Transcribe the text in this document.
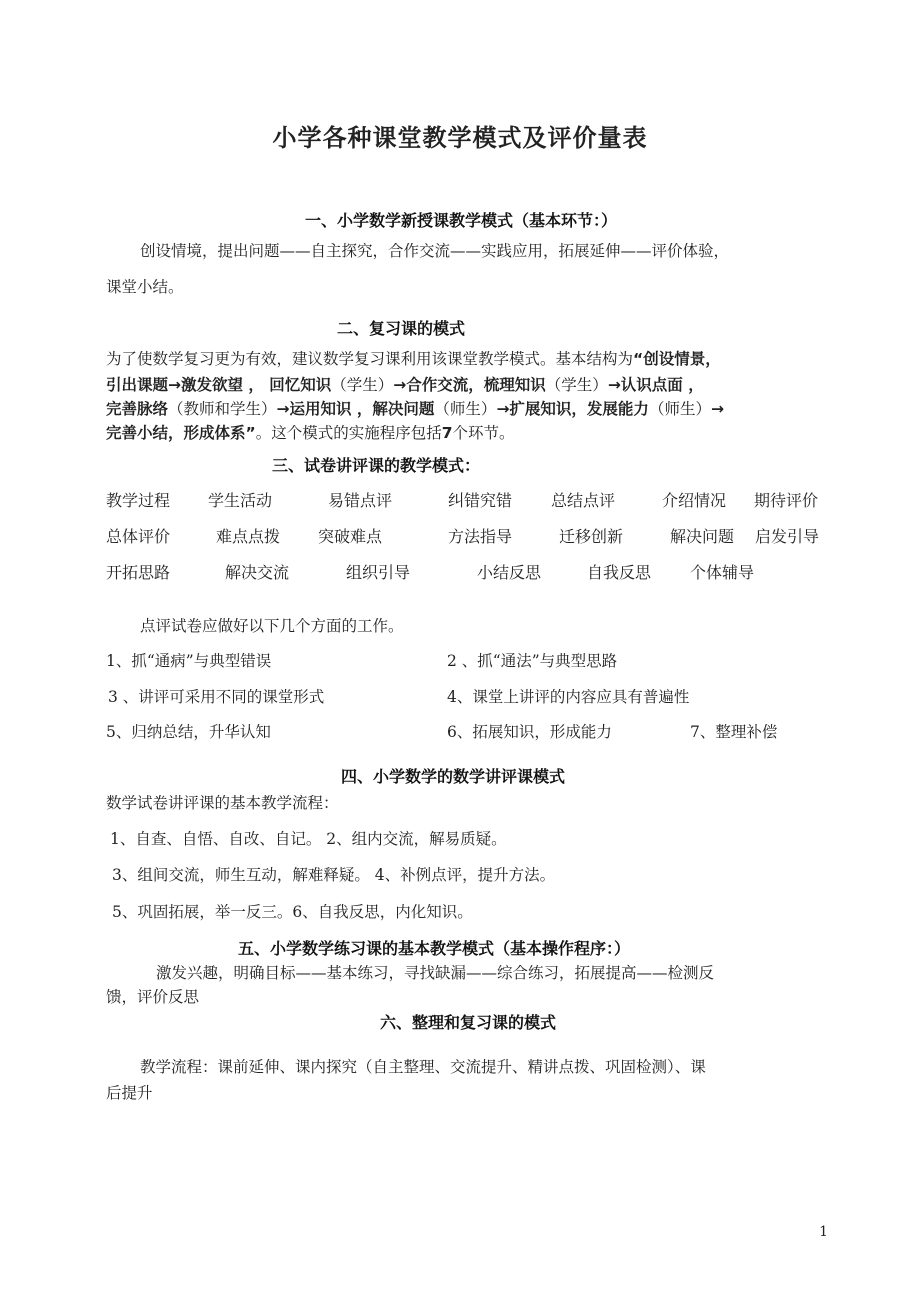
小学各种课堂教学模式及评价量表
一、小学数学新授课教学模式（基本环节：）
创设情境，提出问题——自主探究，合作交流——实践应用，拓展延伸——评价体验，
课堂小结。
二、复习课的模式
为了使数学复习更为有效，建议数学复习课利用该课堂教学模式。基本结构为“创设情景，
引出课题→激发欲望 ， 回忆知识（学生）→合作交流，梳理知识（学生）→认识点面 ，
完善脉络（教师和学生）→运用知识 ，解决问题（师生）→扩展知识，发展能力（师生）→
完善小结，形成体系”。这个模式的实施程序包括7个环节。
三、试卷讲评课的教学模式：
教学过程 学生活动	易错点评	纠错究错 总结点评	介绍情况 期待评价
总体评价	难点点拨 突破难点	方法指导	迁移创新	解决问题 启发引导
开拓思路	解决交流	组织引导	小结反思	自我反思 个体辅导
点评试卷应做好以下几个方面的工作。
1、抓“通病”与典型错误	2 、抓“通法”与典型思路
3 、讲评可采用不同的课堂形式	4、课堂上讲评的内容应具有普遍性
5、归纳总结，升华认知	6、拓展知识，形成能力	7、整理补偿
四、小学数学的数学讲评课模式
数学试卷讲评课的基本教学流程：
1、自查、自悟、自改、自记。 2、组内交流，解易质疑。
3、组间交流，师生互动，解难释疑。 4、补例点评，提升方法。
5、巩固拓展，举一反三。6、自我反思，内化知识。
五、小学数学练习课的基本教学模式（基本操作程序：）
激发兴趣，明确目标——基本练习，寻找缺漏——综合练习，拓展提高——检测反
馈，评价反思
六、整理和复习课的模式
教学流程：课前延伸、课内探究（自主整理、交流提升、精讲点拨、巩固检测）、课
后提升
1
